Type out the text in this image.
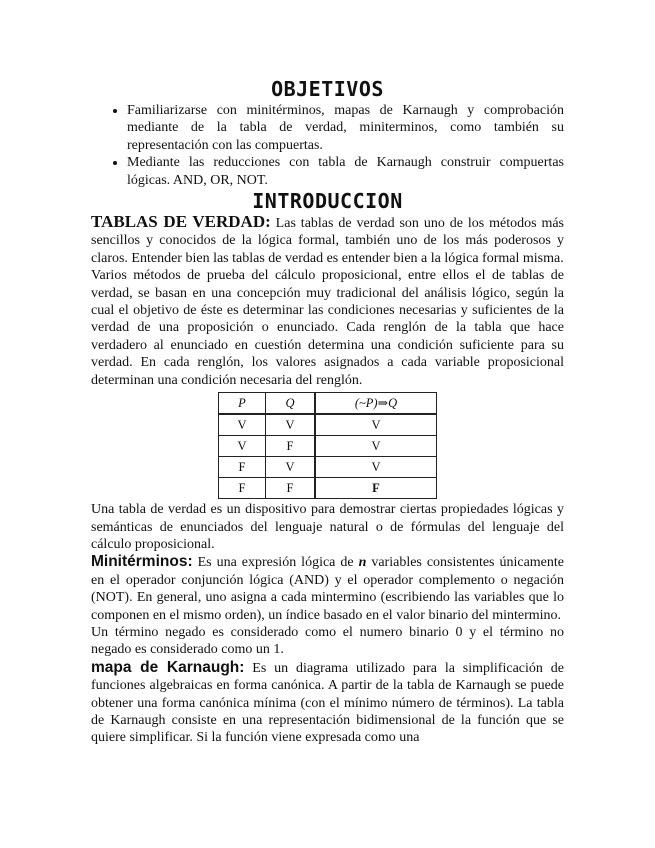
OBJETIVOS
• Familiarizarse con minitérminos, mapas de Karnaugh y comprobación mediante de la tabla de verdad, miniterminos, como también su representación con las compuertas.
• Mediante las reducciones con tabla de Karnaugh construir compuertas lógicas. AND, OR, NOT.
INTRODUCCION

TABLAS DE VERDAD: Las tablas de verdad son uno de los métodos más sencillos y conocidos de la lógica formal, también uno de los más poderosos y claros. Entender bien las tablas de verdad es entender bien a la lógica formal misma.

Varios métodos de prueba del cálculo proposicional, entre ellos el de tablas de verdad, se basan en una concepción muy tradicional del análisis lógico, según la cual el objetivo de éste es determinar las condiciones necesarias y suficientes de la verdad de una proposición o enunciado. Cada renglón de la tabla que hace verdadero al enunciado en cuestión determina una condición suficiente para su verdad. En cada renglón, los valores asignados a cada variable proposicional determinan una condición necesaria del renglón.

P	Q	(~P)⇒Q
V	V	V
V	F	V
F	V	V
F	F	F

Una tabla de verdad es un dispositivo para demostrar ciertas propiedades lógicas y semánticas de enunciados del lenguaje natural o de fórmulas del lenguaje del cálculo proposicional.

Minitérminos: Es una expresión lógica de n variables consistentes únicamente en el operador conjunción lógica (AND) y el operador complemento o negación (NOT). En general, uno asigna a cada mintermino (escribiendo las variables que lo componen en el mismo orden), un índice basado en el valor binario del mintermino.

Un término negado es considerado como el numero binario 0 y el término no negado es considerado como un 1.

mapa de Karnaugh: Es un diagrama utilizado para la simplificación de funciones algebraicas en forma canónica. A partir de la tabla de Karnaugh se puede obtener una forma canónica mínima (con el mínimo número de términos). La tabla de Karnaugh consiste en una representación bidimensional de la función que se quiere simplificar. Si la función viene expresada como una
